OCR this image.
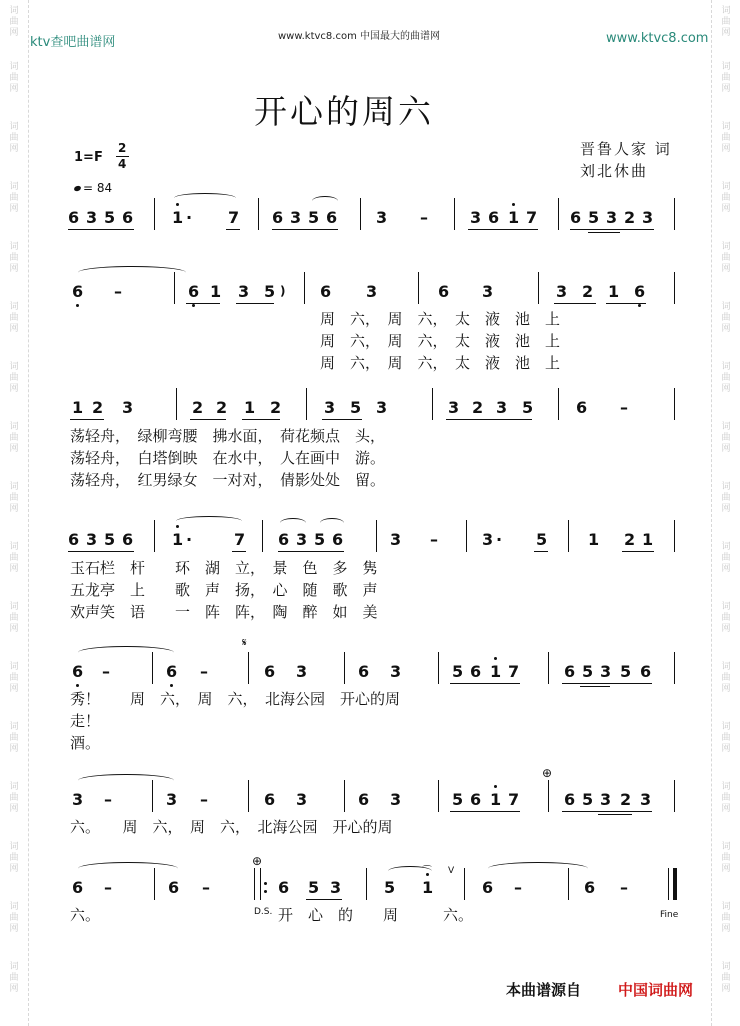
词
曲
网
词
曲
网
词
曲
网
词
曲
网
词
曲
网
词
曲
网
词
曲
网
词
曲
网
词
曲
网
词
曲
网
词
曲
网
词
曲
网
词
曲
网
词
曲
网
词
曲
网
词
曲
网
词
曲
网
词
曲
网
词
曲
网
词
曲
网
词
曲
网
词
曲
网
词
曲
网
词
曲
网
词
曲
网
词
曲
网
词
曲
网
词
曲
网
词
曲
网
词
曲
网
词
曲
网
词
曲
网
词
曲
网
词
曲
网
ktv查吧曲谱网	www.ktvc8.com 中国最大的曲谱网	www.ktvc8.com
开心的周六
晋鲁人家 词
刘北休曲
1=F
2
4
= 84
6 3 5 6 1 · 7 6 3 5 6 3 –	3 6 1 7 6 5 3 2 3
6 –	6 1 3 5 ) 6 3	6 3	3 2 1 6
周　六，　周　六，　太　液　池　上
周　六，　周　六，　太　液　池　上
周　六，　周　六，　太　液　池　上
1 2 3	2 2 1 2	3 5 3	3 2 3 5	6 –
荡轻舟，　绿柳弯腰　拂水面，　荷花频点　头，
荡轻舟，　白塔倒映　在水中，　人在画中　游。
荡轻舟，　红男绿女　一对对，　倩影处处　留。
6 3 5 6 1 ·	7 6 3 5 6	3 –	3 · 5	1 2 1
玉石栏　杆　　环　湖　立，　景　色　多　隽
五龙亭　上　　歌　声　扬，　心　随　歌　声
欢声笑　语　　一　阵　阵，　陶　醉　如　美
6 –	6 –
𝄋
6 3	6 3	5 6 1 7	6 5 3 5 6
秀！　　周　六，　周　六，　北海公园　开心的周
走！
酒。
3 –	3 –	6 3	6 3	5 6 1 7
⊕
6 5 3 2 3
六。　　周　六，　周　六，　北海公园　开心的周
6 –	6 –
⊕
6 5 3	5 1
⌒ V
6 –	6 –
六。	D.S. 开　心　的　　周　　　六。	Fine
本曲谱源自 中国词曲网
